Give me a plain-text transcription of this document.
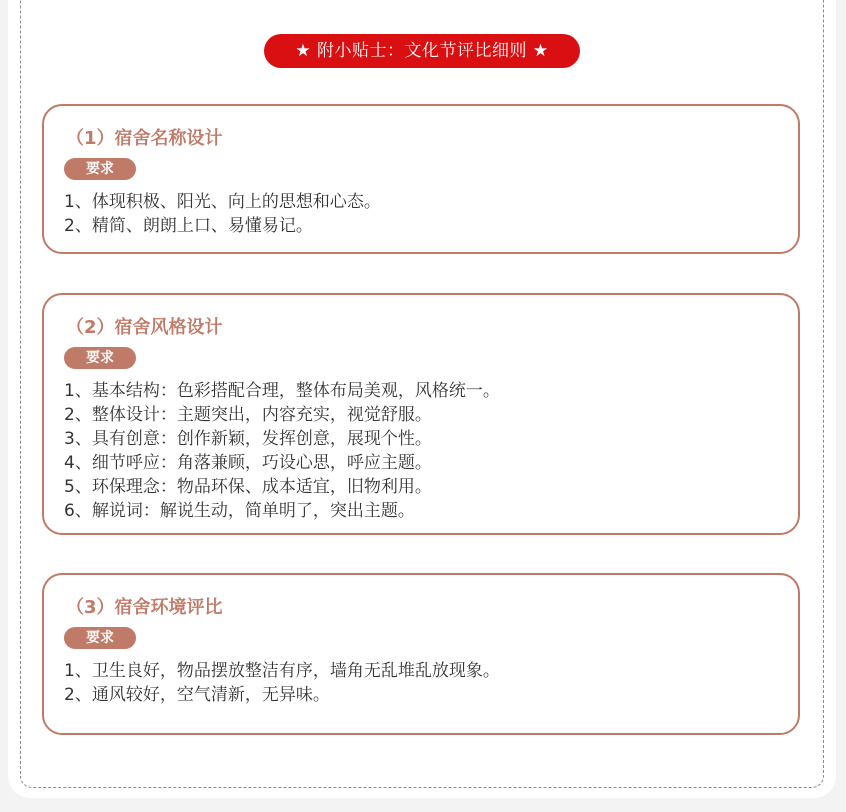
★ 附小贴士：文化节评比细则 ★
（1）宿舍名称设计
要求
1、体现积极、阳光、向上的思想和心态。
2、精简、朗朗上口、易懂易记。
（2）宿舍风格设计
要求
1、基本结构：色彩搭配合理，整体布局美观，风格统一。
2、整体设计：主题突出，内容充实，视觉舒服。
3、具有创意：创作新颖，发挥创意，展现个性。
4、细节呼应：角落兼顾，巧设心思，呼应主题。
5、环保理念：物品环保、成本适宜，旧物利用。
6、解说词：解说生动，简单明了，突出主题。
（3）宿舍环境评比
要求
1、卫生良好，物品摆放整洁有序，墙角无乱堆乱放现象。
2、通风较好，空气清新，无异味。
